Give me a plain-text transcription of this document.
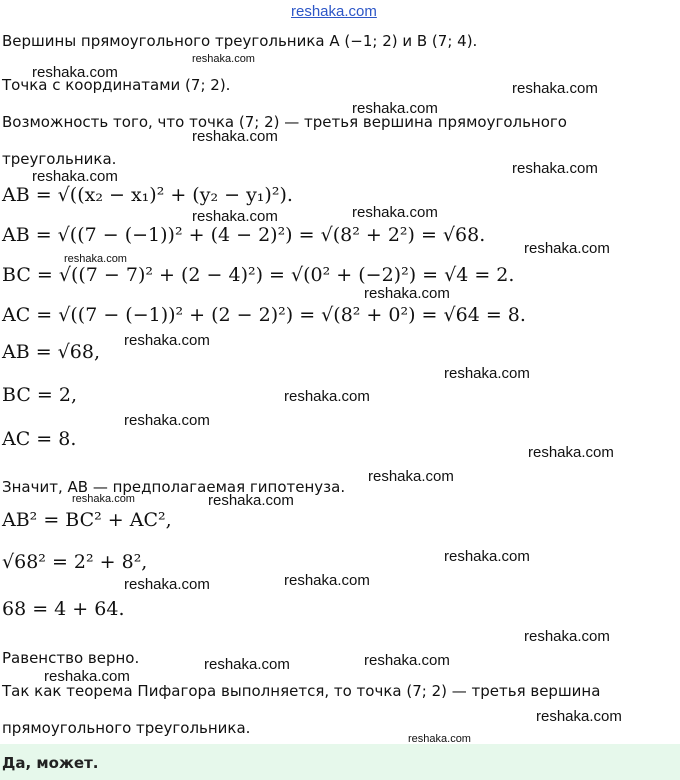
reshaka.com
Вершины прямоугольного треугольника A (−1; 2) и B (7; 4).
Точка с координатами (7; 2).
Возможность того, что точка (7; 2) — третья вершина прямоугольного
треугольника.
AB = √((x₂ − x₁)² + (y₂ − y₁)²).
AB = √((7 − (−1))² + (4 − 2)²) = √(8² + 2²) = √68.
BC = √((7 − 7)² + (2 − 4)²) = √(0² + (−2)²) = √4 = 2.
AC = √((7 − (−1))² + (2 − 2)²) = √(8² + 0²) = √64 = 8.
AB = √68,
BC = 2,
AC = 8.
Значит, AB — предполагаемая гипотенуза.
AB² = BC² + AC²,
√68² = 2² + 8²,
68 = 4 + 64.
Равенство верно.
Так как теорема Пифагора выполняется, то точка (7; 2) — третья вершина
прямоугольного треугольника.
Да, может.
reshaka.com
reshaka.com
reshaka.com
reshaka.com
reshaka.com
reshaka.com	reshaka.com
reshaka.com
reshaka.com
reshaka.com
reshaka.com
reshaka.com
reshaka.com
reshaka.com
reshaka.com
reshaka.com
reshaka.com
reshaka.com
reshaka.com	reshaka.com
reshaka.com
reshaka.com
reshaka.com
reshaka.com
reshaka.com
reshaka.com
reshaka.com
reshaka.com
reshaka.com
